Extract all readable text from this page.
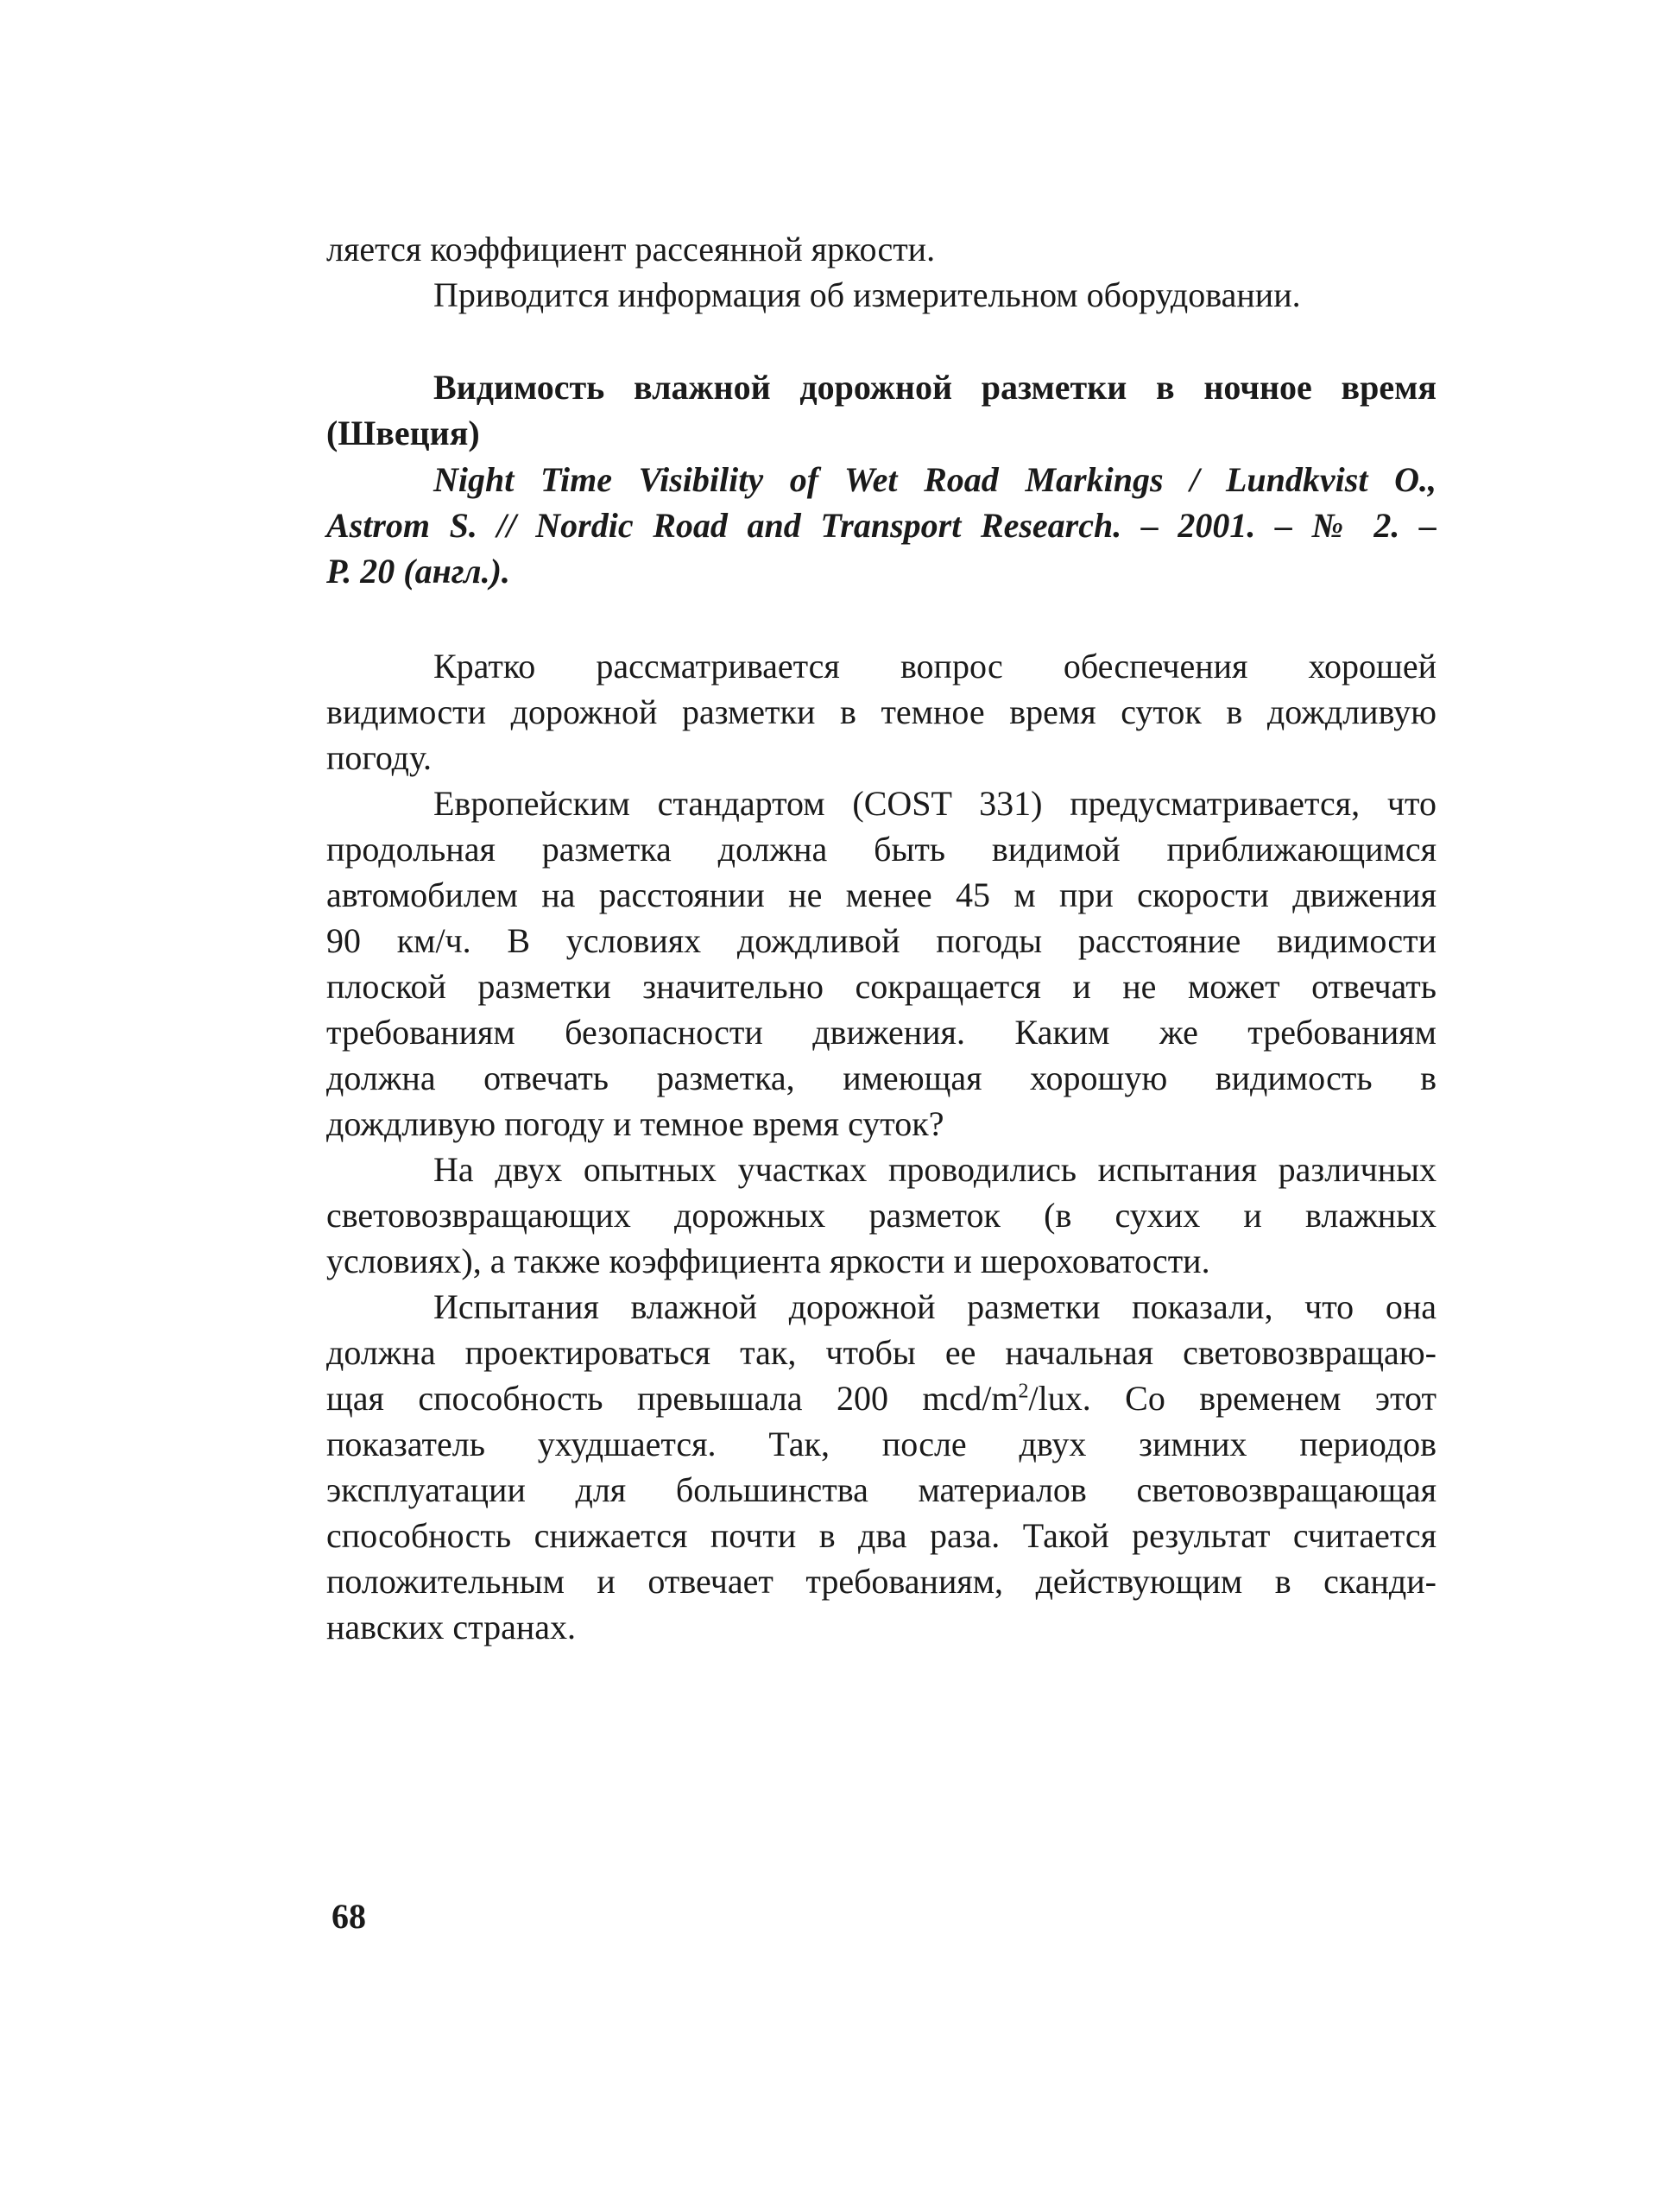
ляется коэффициент рассеянной яркости.
Приводится информация об измерительном оборудовании.
Видимость влажной дорожной разметки в ночное время
(Швеция)
Night Time Visibility of Wet Road Markings / Lundkvist O.,
Astrom S. // Nordic Road and Transport Research. – 2001. – № 2. –
P. 20 (англ.).
Кратко рассматривается вопрос обеспечения хорошей
видимости дорожной разметки в темное время суток в дождливую
погоду.
Европейским стандартом (COST 331) предусматривается, что
продольная разметка должна быть видимой приближающимся
автомобилем на расстоянии не менее 45 м при скорости движения
90 км/ч. В условиях дождливой погоды расстояние видимости
плоской разметки значительно сокращается и не может отвечать
требованиям безопасности движения. Каким же требованиям
должна отвечать разметка, имеющая хорошую видимость в
дождливую погоду и темное время суток?
На двух опытных участках проводились испытания различных
световозвращающих дорожных разметок (в сухих и влажных
условиях), а также коэффициента яркости и шероховатости.
Испытания влажной дорожной разметки показали, что она
должна проектироваться так, чтобы ее начальная световозвращаю-
щая способность превышала 200 mcd/$m^2$/lux. Со временем этот
показатель ухудшается. Так, после двух зимних периодов
эксплуатации для большинства материалов световозвращающая
способность снижается почти в два раза. Такой результат считается
положительным и отвечает требованиям, действующим в сканди-
навских странах.
68
